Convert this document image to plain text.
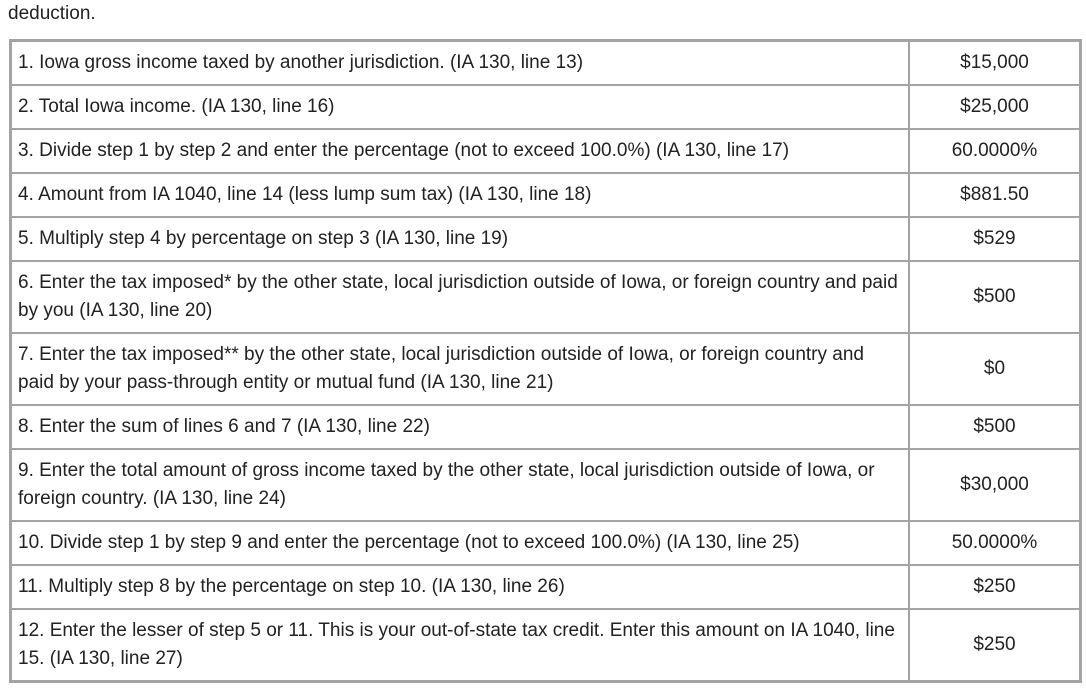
deduction.
1. Iowa gross income taxed by another jurisdiction. (IA 130, line 13)	$15,000
2. Total Iowa income. (IA 130, line 16)	$25,000
3. Divide step 1 by step 2 and enter the percentage (not to exceed 100.0%) (IA 130, line 17)	60.0000%
4. Amount from IA 1040, line 14 (less lump sum tax) (IA 130, line 18)	$881.50
5. Multiply step 4 by percentage on step 3 (IA 130, line 19)	$529
6. Enter the tax imposed* by the other state, local jurisdiction outside of Iowa, or foreign country and paid by you (IA 130, line 20)	$500
7. Enter the tax imposed** by the other state, local jurisdiction outside of Iowa, or foreign country and paid by your pass-through entity or mutual fund (IA 130, line 21)	$0
8. Enter the sum of lines 6 and 7 (IA 130, line 22)	$500
9. Enter the total amount of gross income taxed by the other state, local jurisdiction outside of Iowa, or foreign country. (IA 130, line 24)	$30,000
10. Divide step 1 by step 9 and enter the percentage (not to exceed 100.0%) (IA 130, line 25)	50.0000%
11. Multiply step 8 by the percentage on step 10. (IA 130, line 26)	$250
12. Enter the lesser of step 5 or 11. This is your out-of-state tax credit. Enter this amount on IA 1040, line 15. (IA 130, line 27)	$250
